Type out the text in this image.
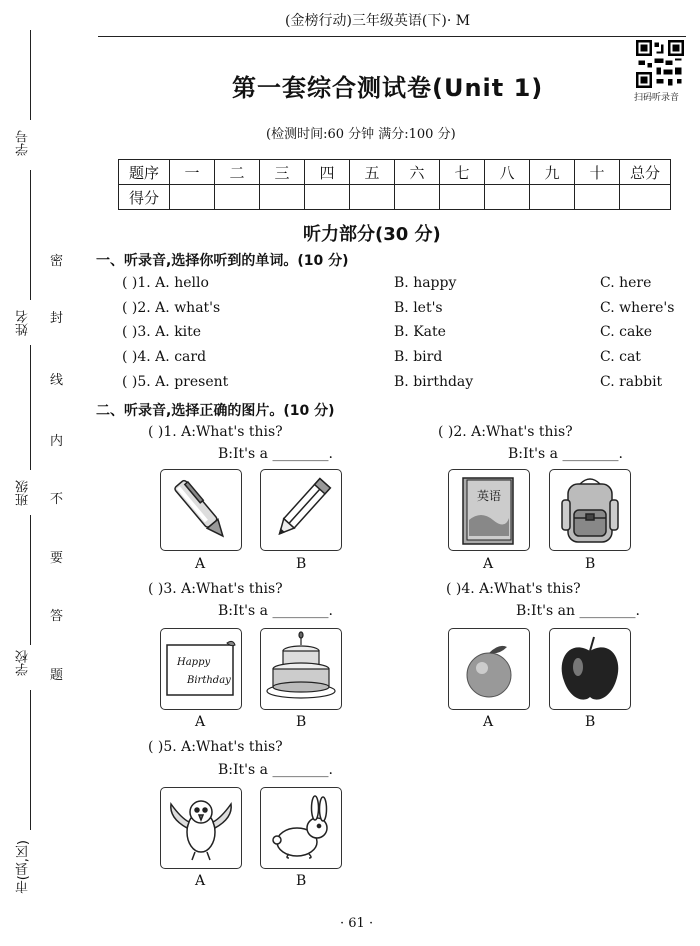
学号
姓名
班级
学校
市(县,区)
密
封
线
内
不
要
答
题
(金榜行动)三年级英语(下)· M
第一套综合测试卷(Unit 1)
(检测时间:60 分钟 满分:100 分)
扫码听录音
题序	一	二	三	四	五	六	七	八	九	十	总分
得分											
听力部分(30 分)
一、听录音,选择你听到的单词。(10 分)
( )1. A. hello	B. happy	C. here
( )2. A. what's	B. let's	C. where's
( )3. A. kite	B. Kate	C. cake
( )4. A. card	B. bird	C. cat
( )5. A. present	B. birthday	C. rabbit
二、听录音,选择正确的图片。(10 分)
( )1. A:What's this?
B:It's a ________.
A	B
( )2. A:What's this?
B:It's a ________.
英语
A	B
( )3. A:What's this?
B:It's a ________.
Happy
Birthday
A	B
( )4. A:What's this?
B:It's an ________.
A	B
( )5. A:What's this?
B:It's a ________.
A	B
· 61 ·
